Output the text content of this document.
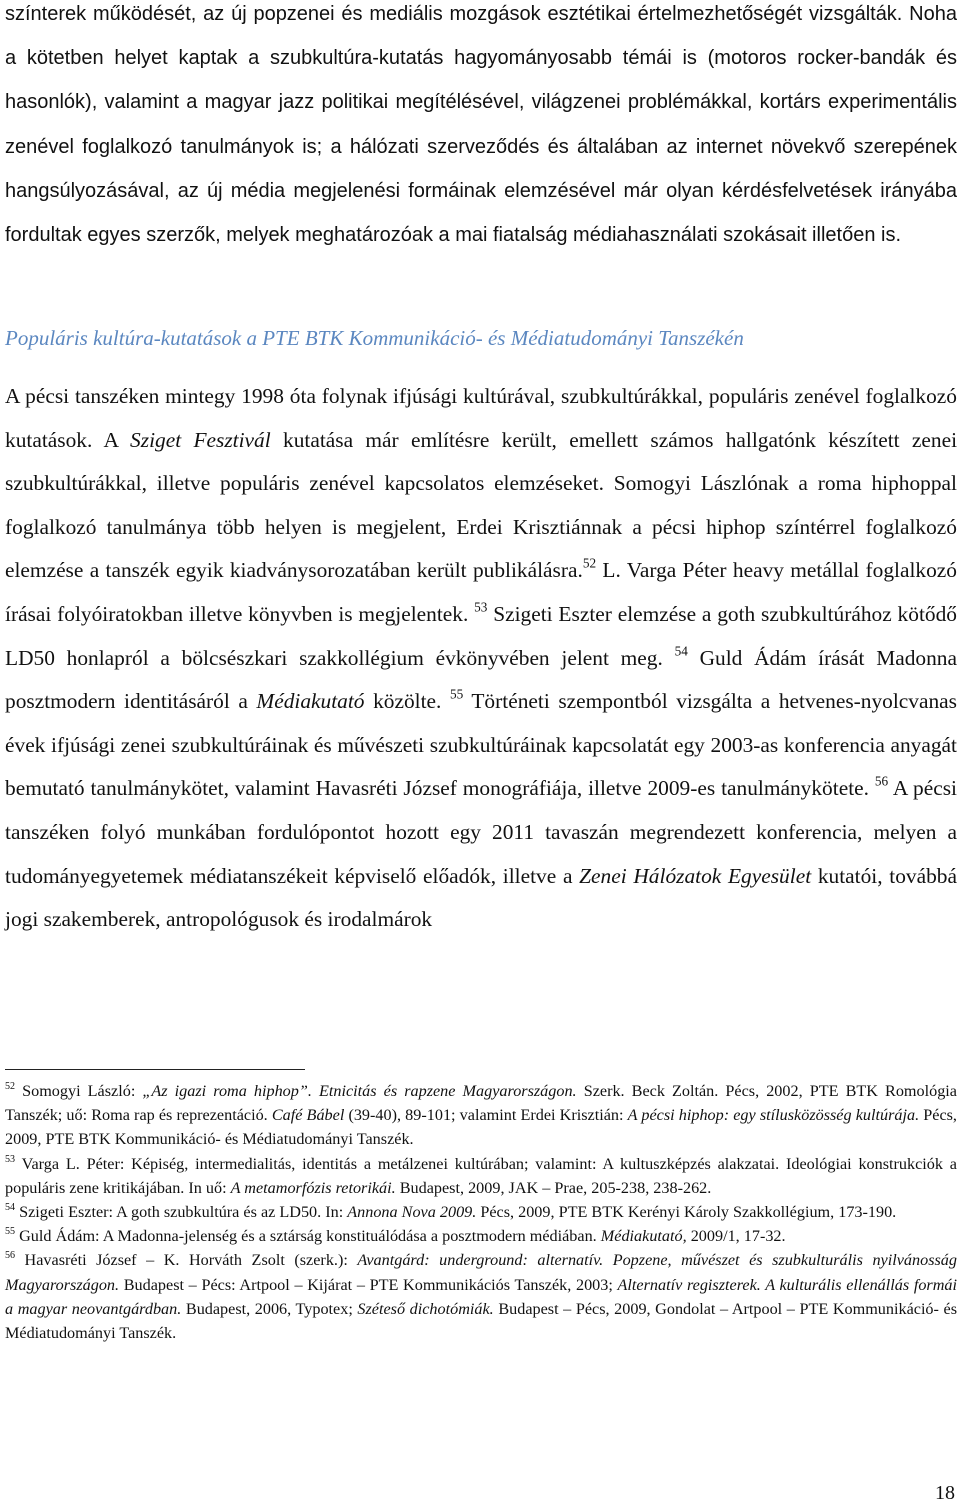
színterek működését, az új popzenei és mediális mozgások esztétikai értelmezhetőségét vizsgálták. Noha a kötetben helyet kaptak a szubkultúra-kutatás hagyományosabb témái is (motoros rocker-bandák és hasonlók), valamint a magyar jazz politikai megítélésével, világzenei problémákkal, kortárs experimentális zenével foglalkozó tanulmányok is; a hálózati szerveződés és általában az internet növekvő szerepének hangsúlyozásával, az új média megjelenési formáinak elemzésével már olyan kérdésfelvetések irányába fordultak egyes szerzők, melyek meghatározóak a mai fiatalság médiahasználati szokásait illetően is.
Populáris kultúra-kutatások a PTE BTK Kommunikáció- és Médiatudományi Tanszékén
A pécsi tanszéken mintegy 1998 óta folynak ifjúsági kultúrával, szubkultúrákkal, populáris zenével foglalkozó kutatások. A Sziget Fesztivál kutatása már említésre került, emellett számos hallgatónk készített zenei szubkultúrákkal, illetve populáris zenével kapcsolatos elemzéseket. Somogyi Lászlónak a roma hiphoppal foglalkozó tanulmánya több helyen is megjelent, Erdei Krisztiánnak a pécsi hiphop színtérrel foglalkozó elemzése a tanszék egyik kiadványsorozatában került publikálásra.$^{52}$ L. Varga Péter heavy metállal foglalkozó írásai folyóiratokban illetve könyvben is megjelentek. $^{53}$ Szigeti Eszter elemzése a goth szubkultúrához kötődő LD50 honlapról a bölcsészkari szakkollégium évkönyvében jelent meg. $^{54}$ Guld Ádám írását Madonna posztmodern identitásáról a Médiakutató közölte. $^{55}$ Történeti szempontból vizsgálta a hetvenes-nyolcvanas évek ifjúsági zenei szubkultúráinak és művészeti szubkultúráinak kapcsolatát egy 2003-as konferencia anyagát bemutató tanulmánykötet, valamint Havasréti József monográfiája, illetve 2009-es tanulmánykötete. $^{56}$ A pécsi tanszéken folyó munkában fordulópontot hozott egy 2011 tavaszán megrendezett konferencia, melyen a tudományegyetemek médiatanszékeit képviselő előadók, illetve a Zenei Hálózatok Egyesület kutatói, továbbá jogi szakemberek, antropológusok és irodalmárok

$^{52}$ Somogyi László: „Az igazi roma hiphop”. Etnicitás és rapzene Magyarországon. Szerk. Beck Zoltán. Pécs, 2002, PTE BTK Romológia Tanszék; uő: Roma rap és reprezentáció. Café Bábel (39-40), 89-101; valamint Erdei Krisztián: A pécsi hiphop: egy stílusközösség kultúrája. Pécs, 2009, PTE BTK Kommunikáció- és Médiatudományi Tanszék.

$^{53}$ Varga L. Péter: Képiség, intermedialitás, identitás a metálzenei kultúrában; valamint: A kultuszképzés alakzatai. Ideológiai konstrukciók a populáris zene kritikájában. In uő: A metamorfózis retorikái. Budapest, 2009, JAK – Prae, 205-238, 238-262.

$^{54}$ Szigeti Eszter: A goth szubkultúra és az LD50. In: Annona Nova 2009. Pécs, 2009, PTE BTK Kerényi Károly Szakkollégium, 173-190.

$^{55}$ Guld Ádám: A Madonna-jelenség és a sztárság konstituálódása a posztmodern médiában. Médiakutató, 2009/1, 17-32.

$^{56}$ Havasréti József – K. Horváth Zsolt (szerk.): Avantgárd: underground: alternatív. Popzene, művészet és szubkulturális nyilvánosság Magyarországon. Budapest – Pécs: Artpool – Kijárat – PTE Kommunikációs Tanszék, 2003; Alternatív regiszterek. A kulturális ellenállás formái a magyar neovantgárdban. Budapest, 2006, Typotex; Széteső dichotómiák. Budapest – Pécs, 2009, Gondolat – Artpool – PTE Kommunikáció- és Médiatudományi Tanszék.

18
